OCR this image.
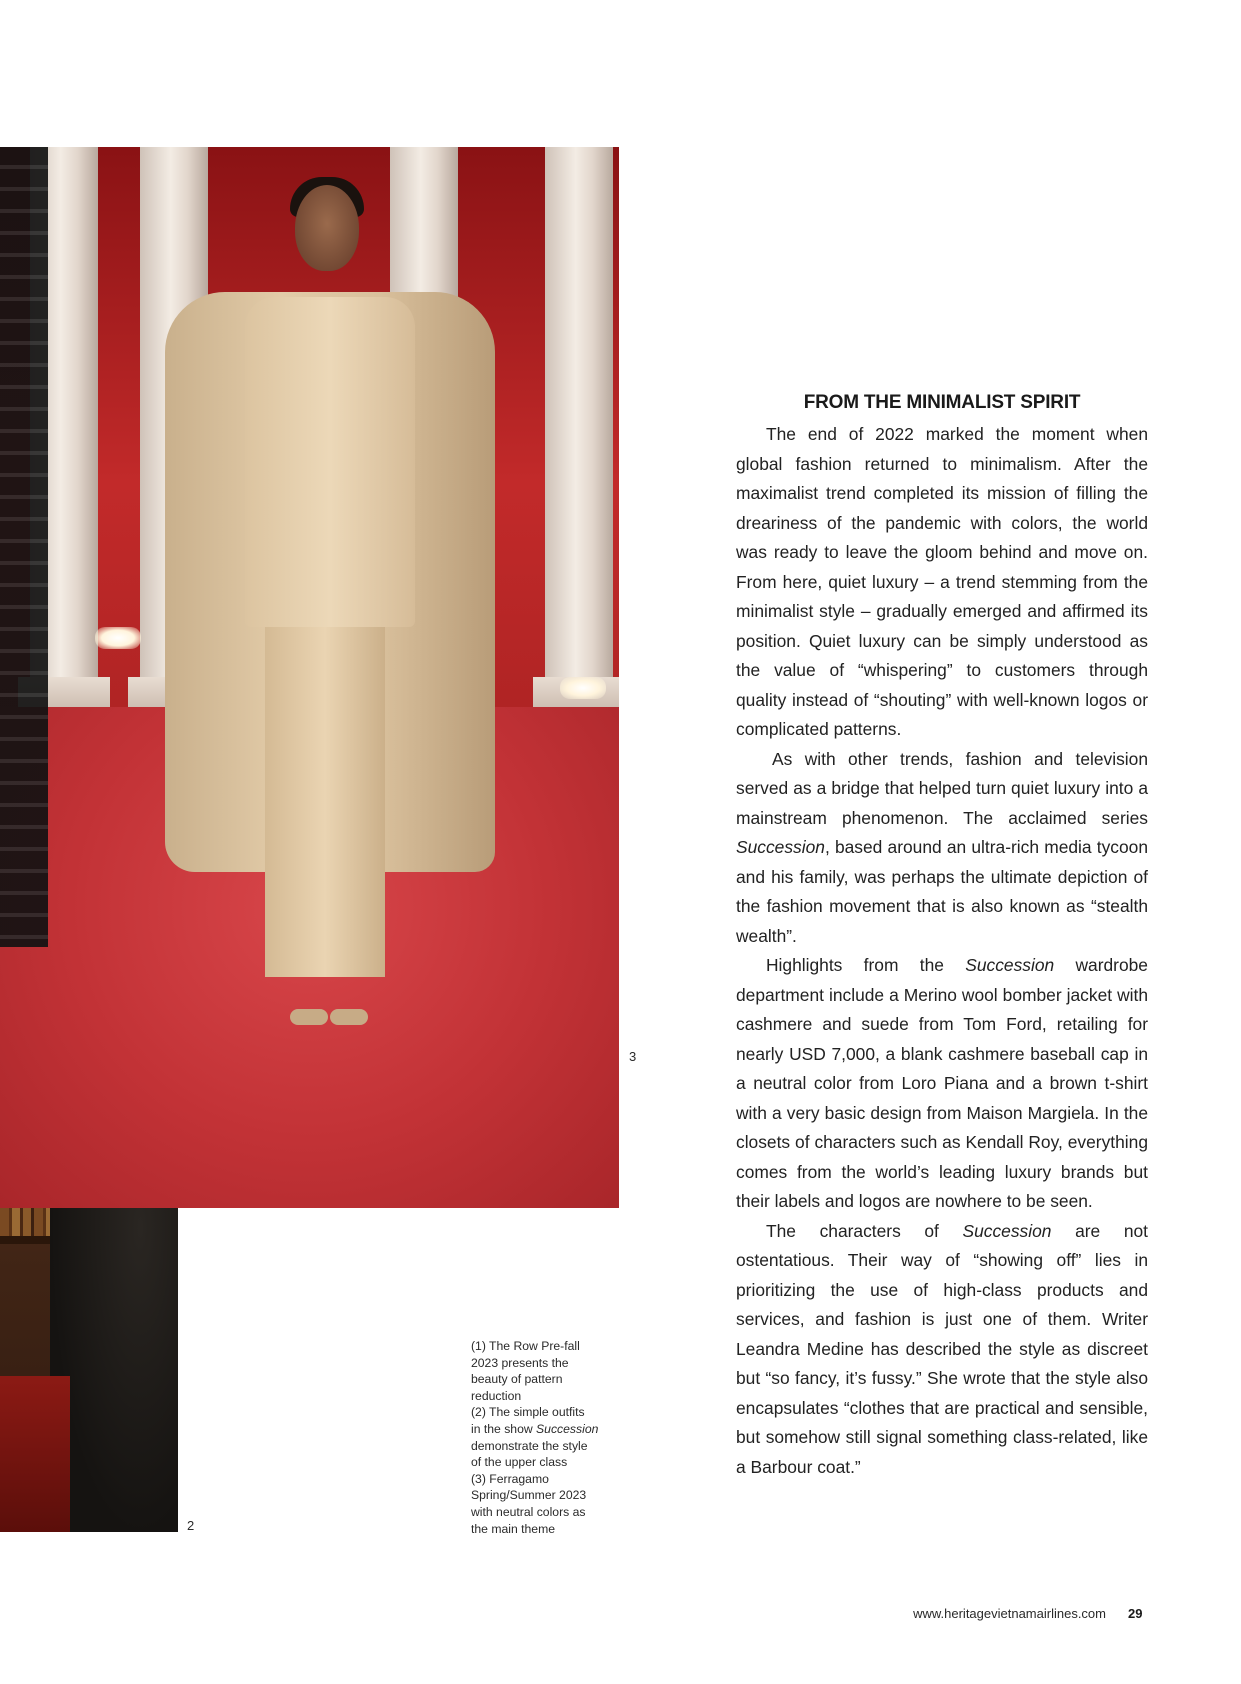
2
3
(1) The Row Pre-fall
2023 presents the
beauty of pattern
reduction
(2) The simple outfits
in the show Succession
demonstrate the style
of the upper class
(3) Ferragamo
Spring/Summer 2023
with neutral colors as
the main theme
FROM THE MINIMALIST SPIRIT

The end of 2022 marked the moment when global fashion returned to minimalism. After the maximalist trend completed its mission of filling the dreariness of the pandemic with colors, the world was ready to leave the gloom behind and move on. From here, quiet luxury – a trend stemming from the minimalist style – gradually emerged and affirmed its position. Quiet luxury can be simply understood as the value of “whispering” to customers through quality instead of “shouting” with well-known logos or complicated patterns.

As with other trends, fashion and television served as a bridge that helped turn quiet luxury into a mainstream phenomenon. The acclaimed series Succession, based around an ultra-rich media tycoon and his family, was perhaps the ultimate depiction of the fashion movement that is also known as “stealth wealth”.

Highlights from the Succession wardrobe department include a Merino wool bomber jacket with cashmere and suede from Tom Ford, retailing for nearly USD 7,000, a blank cashmere baseball cap in a neutral color from Loro Piana and a brown t-shirt with a very basic design from Maison Margiela. In the closets of characters such as Kendall Roy, everything comes from the world’s leading luxury brands but their labels and logos are nowhere to be seen.

The characters of Succession are not ostentatious. Their way of “showing off” lies in prioritizing the use of high-class products and services, and fashion is just one of them. Writer Leandra Medine has described the style as discreet but “so fancy, it’s fussy.” She wrote that the style also encapsulates “clothes that are practical and sensible, but somehow still signal something class-related, like a Barbour coat.”

www.heritagevietnamairlines.com 29
